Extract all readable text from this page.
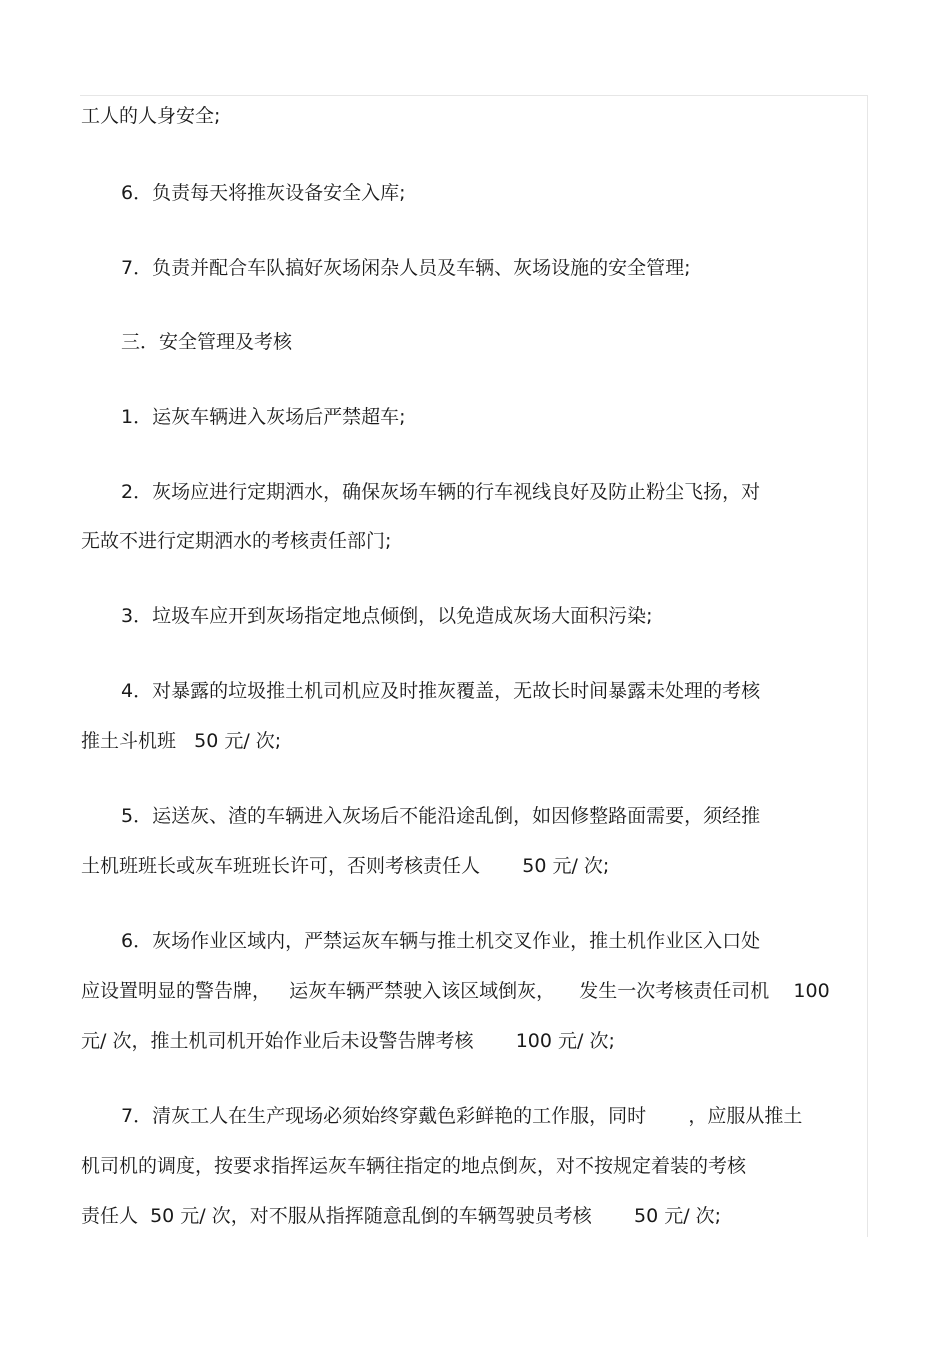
工人的人身安全;
6．负责每天将推灰设备安全入库;
7．负责并配合车队搞好灰场闲杂人员及车辆、灰场设施的安全管理;
三．安全管理及考核
1．运灰车辆进入灰场后严禁超车;
2．灰场应进行定期洒水，确保灰场车辆的行车视线良好及防止粉尘飞扬，对
无故不进行定期洒水的考核责任部门;
3．垃圾车应开到灰场指定地点倾倒，以免造成灰场大面积污染;
4．对暴露的垃圾推土机司机应及时推灰覆盖，无故长时间暴露未处理的考核
推土斗机班   50 元/ 次;
5．运送灰、渣的车辆进入灰场后不能沿途乱倒，如因修整路面需要，须经推
土机班班长或灰车班班长许可，否则考核责任人       50 元/ 次;
6．灰场作业区域内，严禁运灰车辆与推土机交叉作业，推土机作业区入口处
应设置明显的警告牌，   运灰车辆严禁驶入该区域倒灰，    发生一次考核责任司机    100
元/ 次，推土机司机开始作业后未设警告牌考核       100 元/ 次;
7．清灰工人在生产现场必须始终穿戴色彩鲜艳的工作服，同时       ，应服从推土
机司机的调度，按要求指挥运灰车辆往指定的地点倒灰，对不按规定着装的考核
责任人  50 元/ 次，对不服从指挥随意乱倒的车辆驾驶员考核       50 元/ 次;
